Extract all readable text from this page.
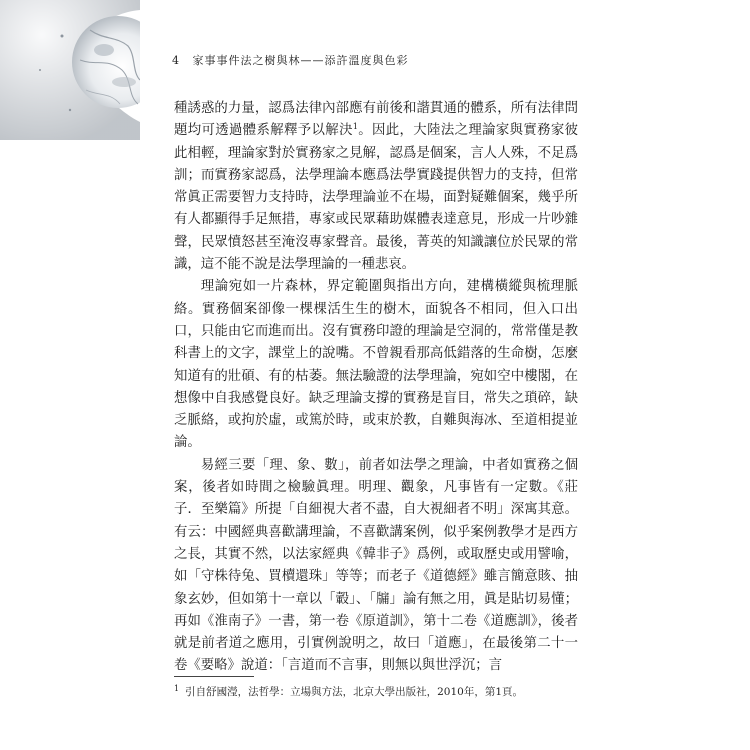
4 家事事件法之樹與林——添許溫度與色彩

種誘惑的力量，認爲法律內部應有前後和諧貫通的體系，所有法律問題均可透過體系解釋予以解決$^1$。因此，大陸法之理論家與實務家彼此相輕，理論家對於實務家之見解，認爲是個案，言人人殊，不足爲訓；而實務家認爲，法學理論本應爲法學實踐提供智力的支持，但常常眞正需要智力支持時，法學理論並不在場，面對疑難個案，幾乎所有人都顯得手足無措，專家或民眾藉助媒體表達意見，形成一片吵雜聲，民眾憤怒甚至淹沒專家聲音。最後，菁英的知識讓位於民眾的常識，這不能不說是法學理論的一種悲哀。

理論宛如一片森林，界定範圍與指出方向，建構橫縱與梳理脈絡。實務個案卻像一棵棵活生生的樹木，面貌各不相同，但入口出口，只能由它而進而出。沒有實務印證的理論是空洞的，常常僅是教科書上的文字，課堂上的說嘴。不曾親看那高低錯落的生命樹，怎麼知道有的壯碩、有的枯萎。無法驗證的法學理論，宛如空中樓閣，在想像中自我感覺良好。缺乏理論支撐的實務是盲目，常失之瑣碎，缺乏脈絡，或拘於虛，或篤於時，或束於教，自難與海冰、至道相提並論。

易經三要「理、象、數」，前者如法學之理論，中者如實務之個案，後者如時間之檢驗眞理。明理、觀象，凡事皆有一定數。《莊子．至樂篇》所提「自細視大者不盡，自大視細者不明」深寓其意。有云：中國經典喜歡講理論，不喜歡講案例，似乎案例教學才是西方之長，其實不然，以法家經典《韓非子》爲例，或取歷史或用譬喻，如「守株待兔、買櫝還珠」等等；而老子《道德經》雖言簡意賅、抽象玄妙，但如第十一章以「轂」、「牖」論有無之用，眞是貼切易懂；再如《淮南子》一書，第一卷《原道訓》，第十二卷《道應訓》，後者就是前者道之應用，引實例說明之，故曰「道應」，在最後第二十一卷《要略》說道：「言道而不言事，則無以與世浮沉；言

$^1$ 引自舒國瀅，法哲學：立場與方法，北京大學出版社，2010年，第1頁。
